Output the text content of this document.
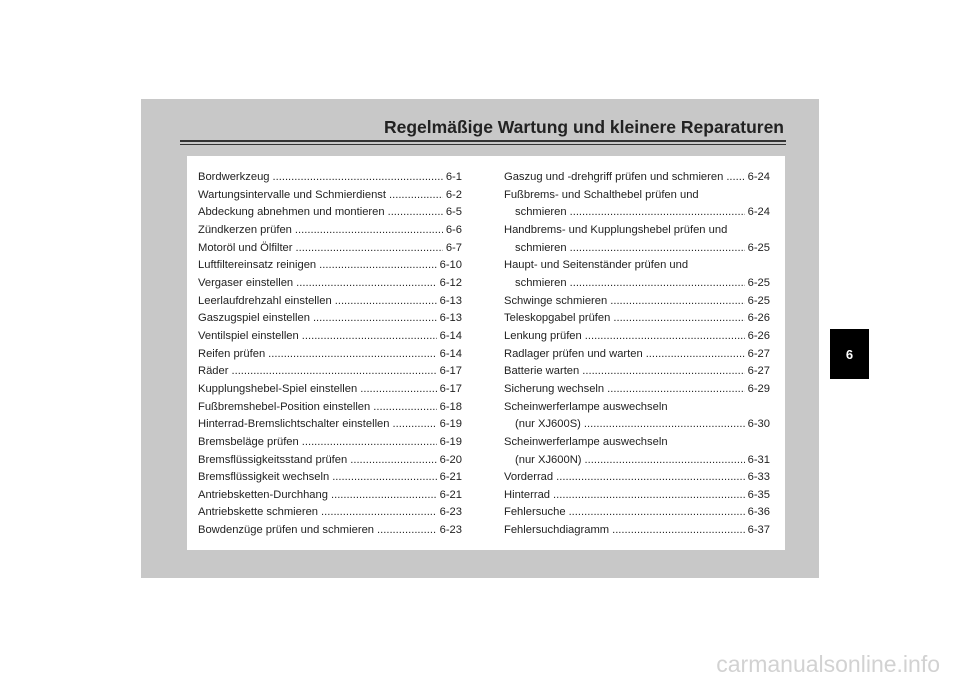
Regelmäßige Wartung und kleinere Reparaturen
Bordwerkzeug .....	6-1
Wartungsintervalle und Schmierdienst .....	6-2
Abdeckung abnehmen und montieren .....	6-5
Zündkerzen prüfen .....	6-6
Motoröl und Ölfilter .....	6-7
Luftfiltereinsatz reinigen .....	6-10
Vergaser einstellen .....	6-12
Leerlaufdrehzahl einstellen .....	6-13
Gaszugspiel einstellen .....	6-13
Ventilspiel einstellen .....	6-14
Reifen prüfen .....	6-14
Räder .....	6-17
Kupplungshebel-Spiel einstellen .....	6-17
Fußbremshebel-Position einstellen .....	6-18
Hinterrad-Bremslichtschalter einstellen .....	6-19
Bremsbeläge prüfen .....	6-19
Bremsflüssigkeitsstand prüfen .....	6-20
Bremsflüssigkeit wechseln .....	6-21
Antriebsketten-Durchhang .....	6-21
Antriebskette schmieren .....	6-23
Bowdenzüge prüfen und schmieren .....	6-23
Gaszug und -drehgriff prüfen und schmieren ..... 6-24
Fußbrems- und Schalthebel prüfen und
schmieren .....	6-24
Handbrems- und Kupplungshebel prüfen und
schmieren .....	6-25
Haupt- und Seitenständer prüfen und
schmieren .....	6-25
Schwinge schmieren .....	6-25
Teleskopgabel prüfen .....	6-26
Lenkung prüfen .....	6-26
Radlager prüfen und warten .....	6-27
Batterie warten .....	6-27
Sicherung wechseln .....	6-29
Scheinwerferlampe auswechseln
(nur XJ600S) .....	6-30
Scheinwerferlampe auswechseln
(nur XJ600N) .....	6-31
Vorderrad .....	6-33
Hinterrad .....	6-35
Fehlersuche .....	6-36
Fehlersuchdiagramm .....	6-37
6
carmanualsonline.info
